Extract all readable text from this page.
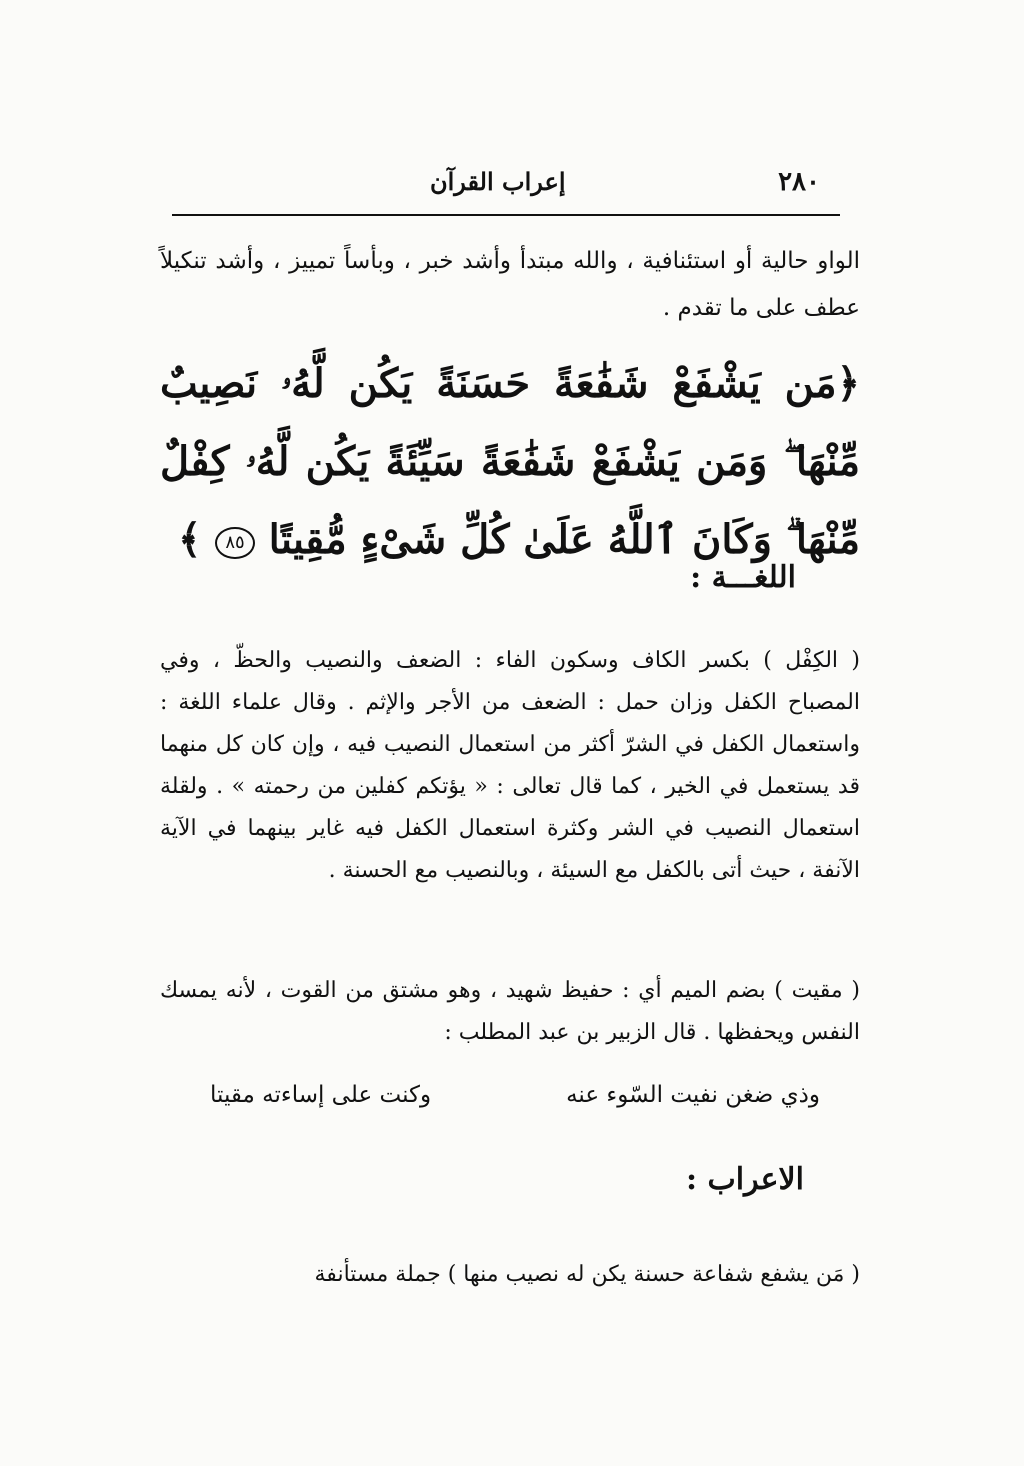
٢٨٠
إعراب القرآن
الواو حالية أو استئنافية ، والله مبتدأ وأشد خبر ، وبأساً تمييز ، وأشد تنكيلاً عطف على ما تقدم .
﴿مَن يَشْفَعْ شَفَٰعَةً حَسَنَةً يَكُن لَّهُۥ نَصِيبٌ مِّنْهَا ۖ وَمَن يَشْفَعْ شَفَٰعَةً سَيِّئَةً يَكُن لَّهُۥ كِفْلٌ مِّنْهَا ۗ وَكَانَ ٱللَّهُ عَلَىٰ كُلِّ شَىْءٍ مُّقِيتًا ٨٥ ﴾
اللغـــة :
( الكِفْل ) بكسر الكاف وسكون الفاء : الضعف والنصيب والحظّ ، وفي المصباح الكفل وزان حمل : الضعف من الأجر والإثم . وقال علماء اللغة : واستعمال الكفل في الشرّ أكثر من استعمال النصيب فيه ، وإن كان كل منهما قد يستعمل في الخير ، كما قال تعالى : « يؤتكم كفلين من رحمته » . ولقلة استعمال النصيب في الشر وكثرة استعمال الكفل فيه غاير بينهما في الآية الآنفة ، حيث أتى بالكفل مع السيئة ، وبالنصيب مع الحسنة .
( مقيت ) بضم الميم أي : حفيظ شهيد ، وهو مشتق من القوت ، لأنه يمسك النفس ويحفظها . قال الزبير بن عبد المطلب :
وذي ضغن نفيت السّوء عنه
وكنت على إساءته مقيتا
الاعراب :
( مَن يشفع شفاعة حسنة يكن له نصيب منها ) جملة مستأنفة
